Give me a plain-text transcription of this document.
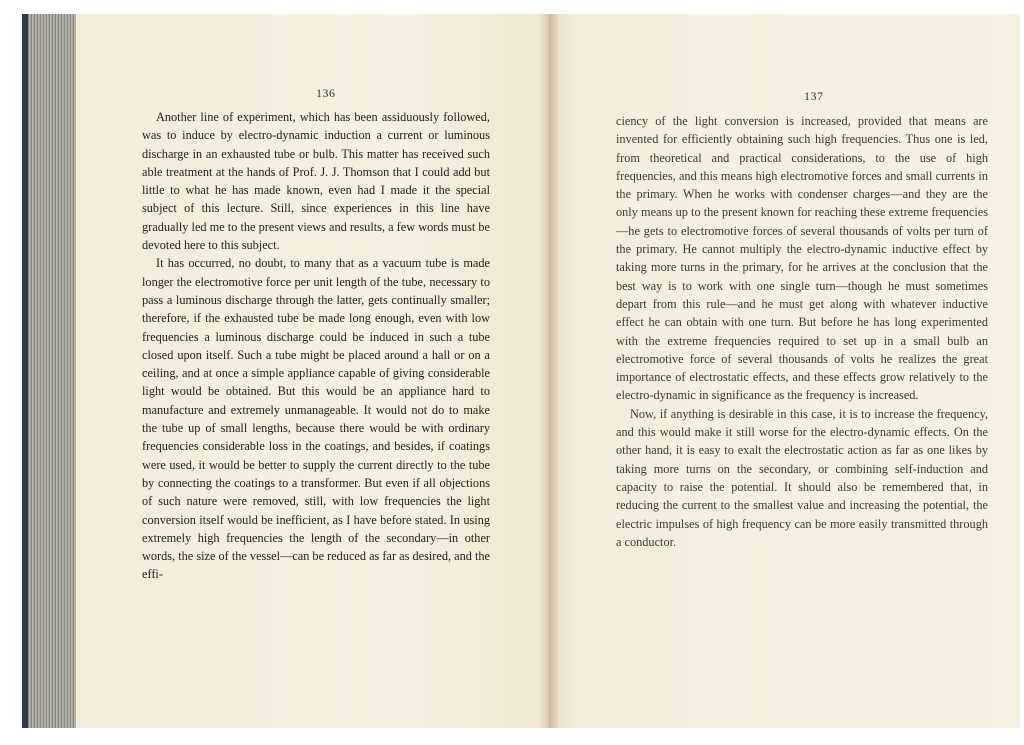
136

Another line of experiment, which has been assiduously followed, was to induce by electro-dynamic induction a current or luminous discharge in an exhausted tube or bulb. This matter has received such able treatment at the hands of Prof. J. J. Thomson that I could add but little to what he has made known, even had I made it the special subject of this lecture. Still, since experiences in this line have gradually led me to the present views and results, a few words must be devoted here to this subject.

It has occurred, no doubt, to many that as a vacuum tube is made longer the electromotive force per unit length of the tube, necessary to pass a luminous discharge through the latter, gets continually smaller; therefore, if the exhausted tube be made long enough, even with low frequencies a luminous discharge could be induced in such a tube closed upon itself. Such a tube might be placed around a hall or on a ceiling, and at once a simple appliance capable of giving considerable light would be obtained. But this would be an appliance hard to manufacture and extremely unmanageable. It would not do to make the tube up of small lengths, because there would be with ordinary frequencies considerable loss in the coatings, and besides, if coatings were used, it would be better to supply the current directly to the tube by connecting the coatings to a transformer. But even if all objections of such nature were removed, still, with low frequencies the light conversion itself would be inefficient, as I have before stated. In using extremely high frequencies the length of the secondary—in other words, the size of the vessel—can be reduced as far as desired, and the effi-

137

ciency of the light conversion is increased, provided that means are invented for efficiently obtaining such high frequencies. Thus one is led, from theoretical and practical considerations, to the use of high frequencies, and this means high electromotive forces and small currents in the primary. When he works with condenser charges—and they are the only means up to the present known for reaching these extreme frequencies—he gets to electromotive forces of several thousands of volts per turn of the primary. He cannot multiply the electro-dynamic inductive effect by taking more turns in the primary, for he arrives at the conclusion that the best way is to work with one single turn—though he must sometimes depart from this rule—and he must get along with whatever inductive effect he can obtain with one turn. But before he has long experimented with the extreme frequencies required to set up in a small bulb an electromotive force of several thousands of volts he realizes the great importance of electrostatic effects, and these effects grow relatively to the electro-dynamic in significance as the frequency is increased.

Now, if anything is desirable in this case, it is to increase the frequency, and this would make it still worse for the electro-dynamic effects. On the other hand, it is easy to exalt the electrostatic action as far as one likes by taking more turns on the secondary, or combining self-induction and capacity to raise the potential. It should also be remembered that, in reducing the current to the smallest value and increasing the potential, the electric impulses of high frequency can be more easily transmitted through a conductor.
